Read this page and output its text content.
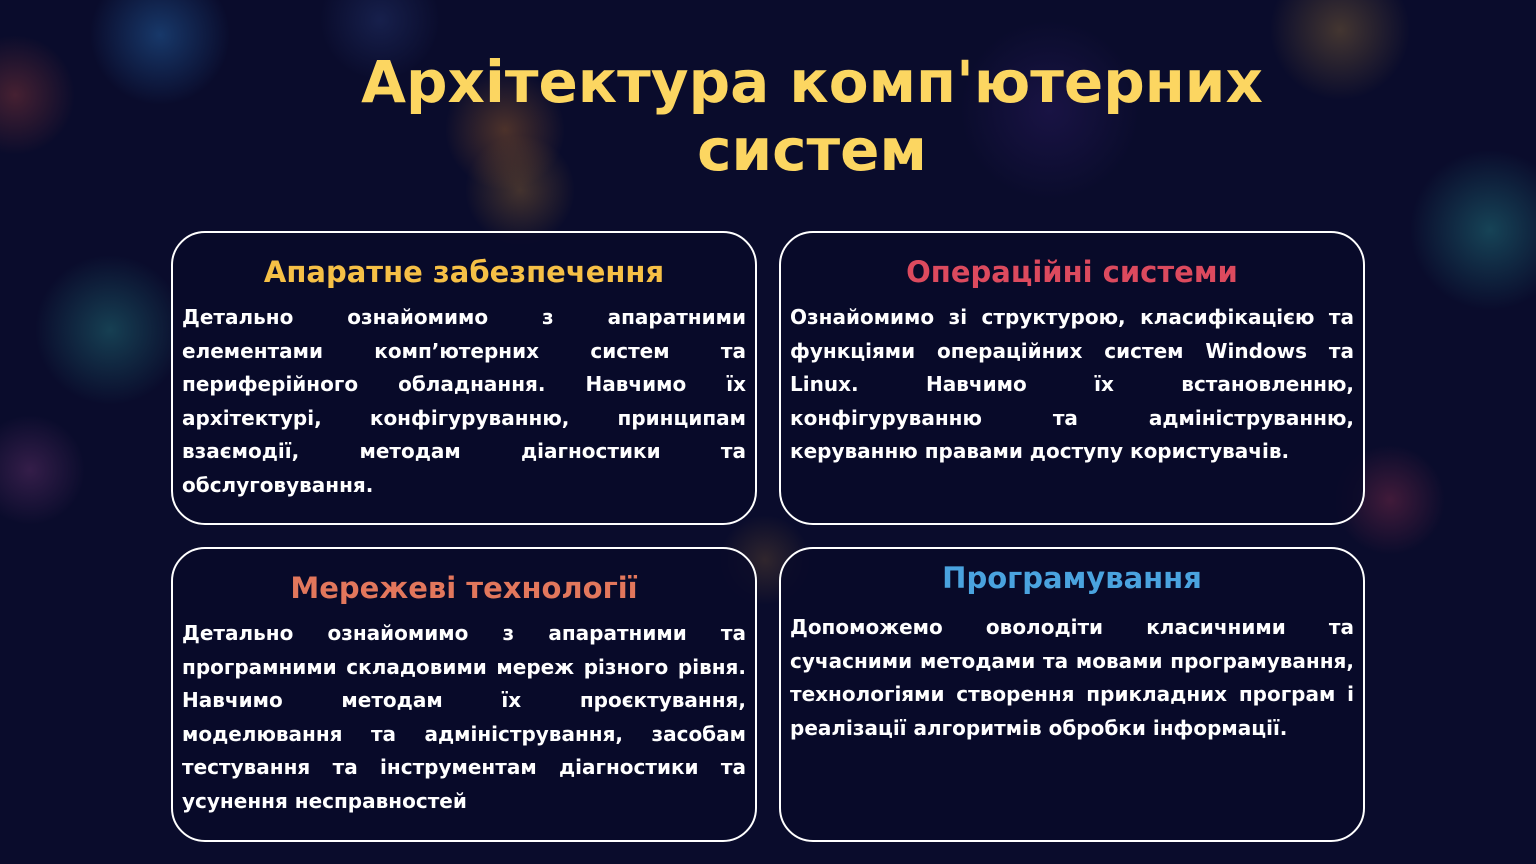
Архітектура комп'ютерних систем
Апаратне забезпечення

Детально ознайомимо з апаратними елементами комп’ютерних систем та периферійного обладнання. Навчимо їх архітектурі, конфігуруванню, принципам взаємодії, методам діагностики та обслуговування.

Операційні системи

Ознайомимо зі структурою, класифікацією та функціями операційних систем Windows та Linux. Навчимо їх встановленню, конфігуруванню та адмініструванню, керуванню правами доступу користувачів.

Мережеві технології

Детально ознайомимо з апаратними та програмними складовими мереж різного рівня. Навчимо методам їх проєктування, моделювання та адміністрування, засобам тестування та інструментам діагностики та усунення несправностей

Програмування

Допоможемо оволодіти класичними та сучасними методами та мовами програмування, технологіями створення прикладних програм і реалізації алгоритмів обробки інформації.
